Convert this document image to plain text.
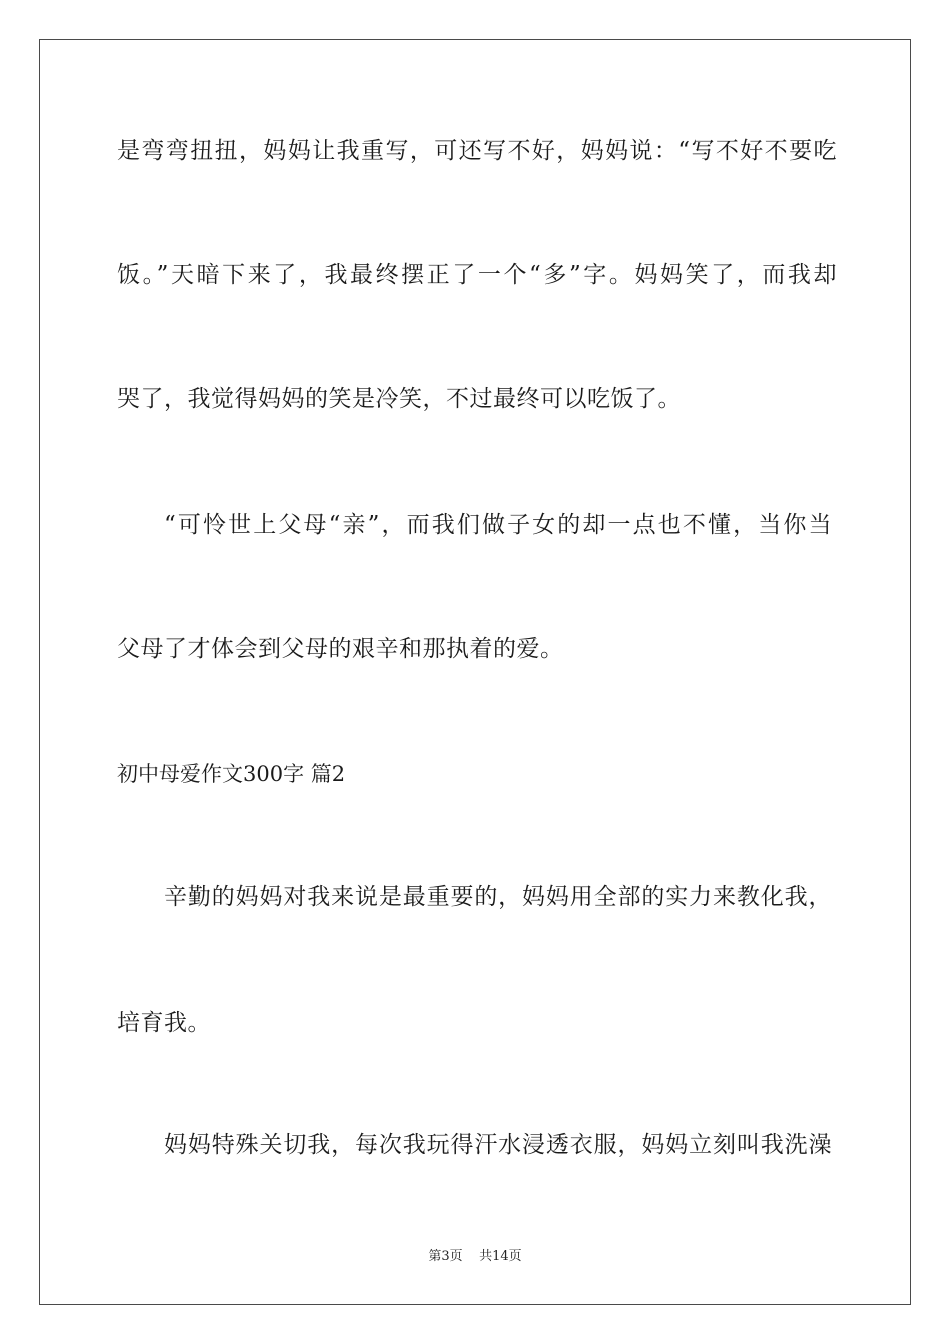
是弯弯扭扭，妈妈让我重写，可还写不好，妈妈说：“写不好不要吃
饭。”天暗下来了，我最终摆正了一个“多”字。妈妈笑了，而我却
哭了，我觉得妈妈的笑是冷笑，不过最终可以吃饭了。
“可怜世上父母“亲”，而我们做子女的却一点也不懂，当你当
父母了才体会到父母的艰辛和那执着的爱。
初中母爱作文300字 篇2
辛勤的妈妈对我来说是最重要的，妈妈用全部的实力来教化我，
培育我。
妈妈特殊关切我，每次我玩得汗水浸透衣服，妈妈立刻叫我洗澡
第3页 共14页
